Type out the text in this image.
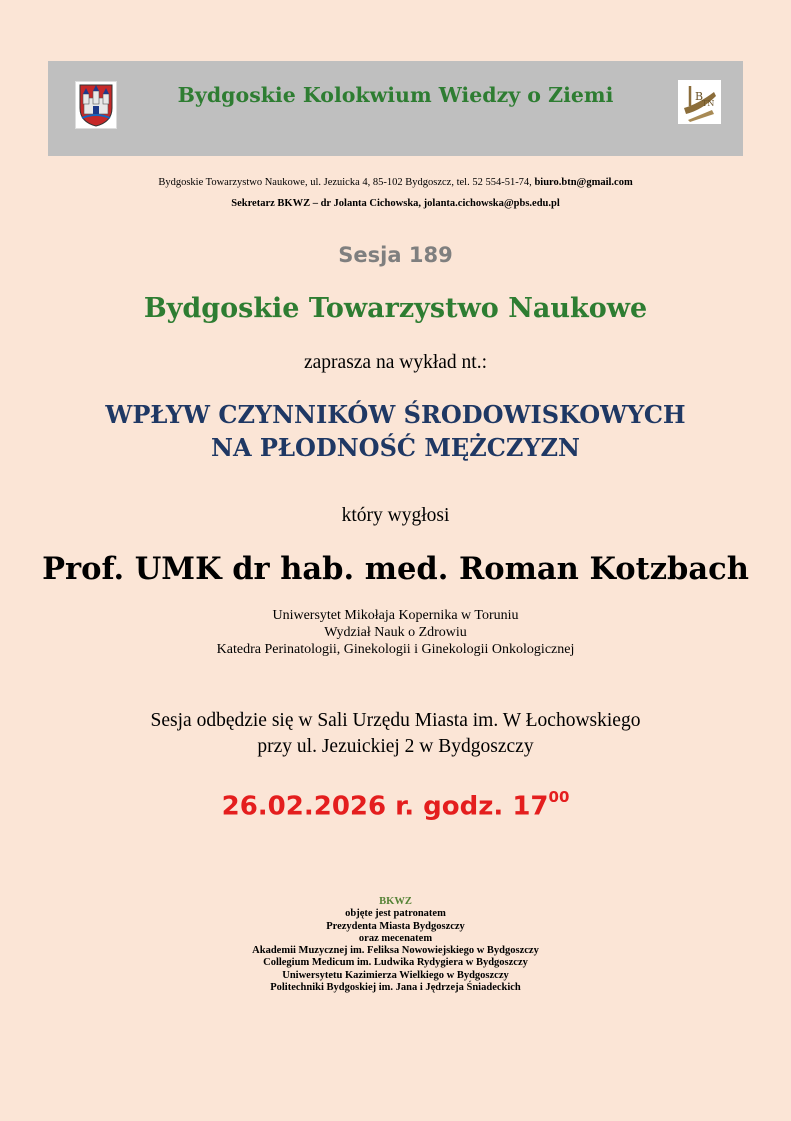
Bydgoskie Kolokwium Wiedzy o Ziemi	B
TN
Bydgoskie Towarzystwo Naukowe, ul. Jezuicka 4, 85-102 Bydgoszcz, tel. 52 554-51-74, biuro.btn@gmail.com
Sekretarz BKWZ – dr Jolanta Cichowska, jolanta.cichowska@pbs.edu.pl
Sesja 189
Bydgoskie Towarzystwo Naukowe
zaprasza na wykład nt.:
WPŁYW CZYNNIKÓW ŚRODOWISKOWYCH
NA PŁODNOŚĆ MĘŻCZYZN
który wygłosi
Prof. UMK dr hab. med. Roman Kotzbach
Uniwersytet Mikołaja Kopernika w Toruniu
Wydział Nauk o Zdrowiu
Katedra Perinatologii, Ginekologii i Ginekologii Onkologicznej
Sesja odbędzie się w Sali Urzędu Miasta im. W Łochowskiego
przy ul. Jezuickiej 2 w Bydgoszczy
26.02.2026 r. godz. $17^{00}$
BKWZ
objęte jest patronatem
Prezydenta Miasta Bydgoszczy
oraz mecenatem
Akademii Muzycznej im. Feliksa Nowowiejskiego w Bydgoszczy
Collegium Medicum im. Ludwika Rydygiera w Bydgoszczy
Uniwersytetu Kazimierza Wielkiego w Bydgoszczy
Politechniki Bydgoskiej im. Jana i Jędrzeja Śniadeckich
